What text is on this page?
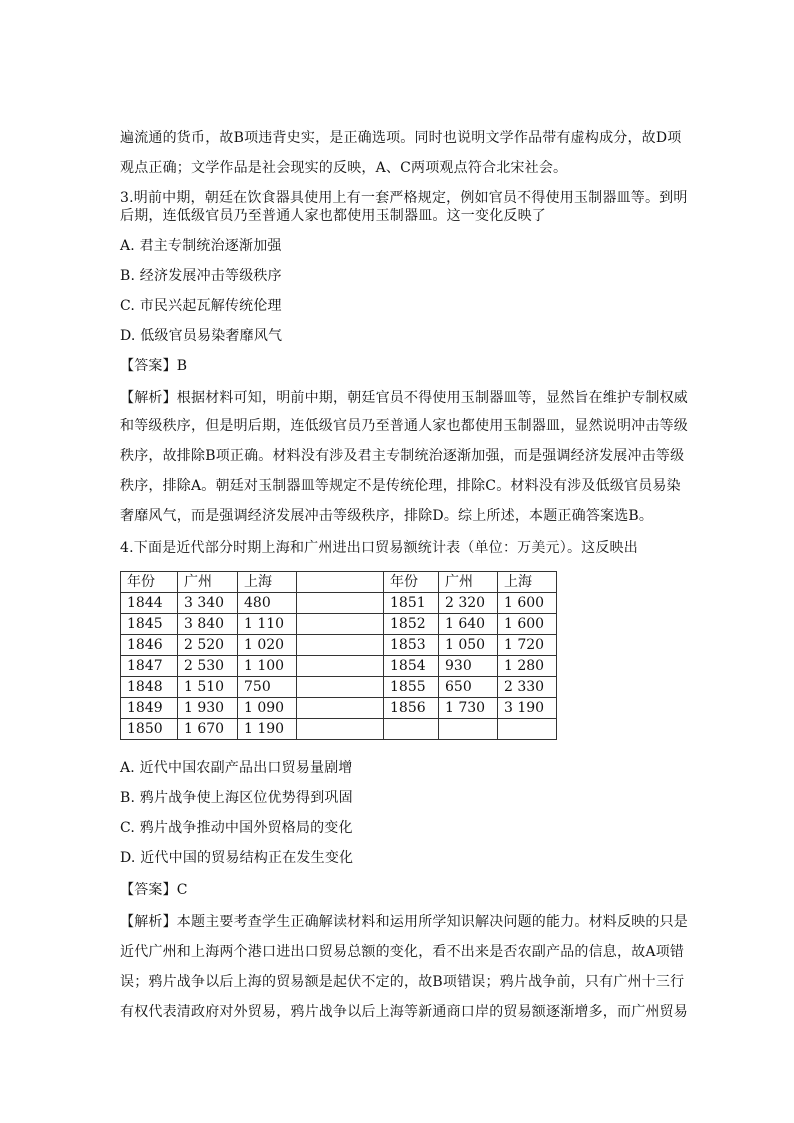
遍流通的货币，故B项违背史实，是正确选项。同时也说明文学作品带有虚构成分，故D项
观点正确；文学作品是社会现实的反映，A、C两项观点符合北宋社会。
3.明前中期，朝廷在饮食器具使用上有一套严格规定，例如官员不得使用玉制器皿等。到明
后期，连低级官员乃至普通人家也都使用玉制器皿。这一变化反映了
A. 君主专制统治逐渐加强
B. 经济发展冲击等级秩序
C. 市民兴起瓦解传统伦理
D. 低级官员易染奢靡风气
【答案】B
【解析】根据材料可知，明前中期，朝廷官员不得使用玉制器皿等，显然旨在维护专制权威
和等级秩序，但是明后期，连低级官员乃至普通人家也都使用玉制器皿，显然说明冲击等级
秩序，故排除B项正确。材料没有涉及君主专制统治逐渐加强，而是强调经济发展冲击等级
秩序，排除A。朝廷对玉制器皿等规定不是传统伦理，排除C。材料没有涉及低级官员易染
奢靡风气，而是强调经济发展冲击等级秩序，排除D。综上所述，本题正确答案选B。
4.下面是近代部分时期上海和广州进出口贸易额统计表（单位：万美元）。这反映出
年份	广州	上海		年份	广州	上海
1844	3 340	480		1851	2 320	1 600
1845	3 840	1 110		1852	1 640	1 600
1846	2 520	1 020		1853	1 050	1 720
1847	2 530	1 100		1854	930	1 280
1848	1 510	750		1855	650	2 330
1849	1 930	1 090		1856	1 730	3 190
1850	1 670	1 190				
A. 近代中国农副产品出口贸易量剧增
B. 鸦片战争使上海区位优势得到巩固
C. 鸦片战争推动中国外贸格局的变化
D. 近代中国的贸易结构正在发生变化
【答案】C
【解析】本题主要考查学生正确解读材料和运用所学知识解决问题的能力。材料反映的只是
近代广州和上海两个港口进出口贸易总额的变化，看不出来是否农副产品的信息，故A项错
误；鸦片战争以后上海的贸易额是起伏不定的，故B项错误；鸦片战争前，只有广州十三行
有权代表清政府对外贸易，鸦片战争以后上海等新通商口岸的贸易额逐渐增多，而广州贸易
